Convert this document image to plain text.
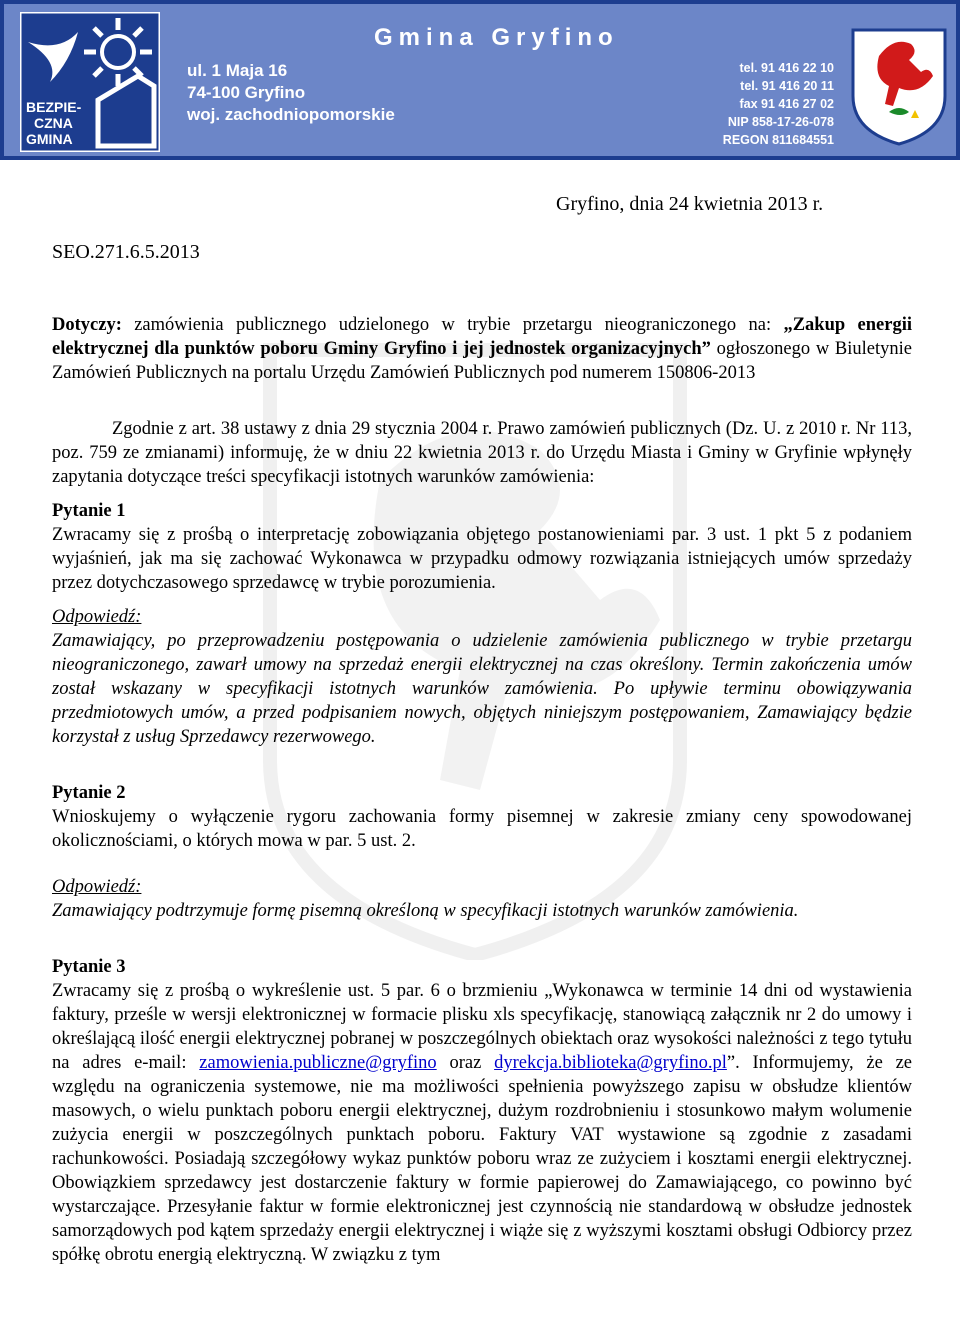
BEZPIE-
CZNA
GMINA
Gmina Gryfino
ul. 1 Maja 16
74-100 Gryfino
woj. zachodniopomorskie
tel. 91 416 22 10
tel. 91 416 20 11
fax 91 416 27 02
NIP 858-17-26-078
REGON 811684551
Gryfino, dnia 24 kwietnia 2013 r.
SEO.271.6.5.2013

Dotyczy: zamówienia publicznego udzielonego w trybie przetargu nieograniczonego na: „Zakup energii elektrycznej dla punktów poboru Gminy Gryfino i jej jednostek organizacyjnych” ogłoszonego w Biuletynie Zamówień Publicznych na portalu Urzędu Zamówień Publicznych pod numerem 150806-2013

Zgodnie z art. 38 ustawy z dnia 29 stycznia 2004 r. Prawo zamówień publicznych (Dz. U. z 2010 r. Nr 113, poz. 759 ze zmianami) informuję, że w dniu 22 kwietnia 2013 r. do Urzędu Miasta i Gminy w Gryfinie wpłynęły zapytania dotyczące treści specyfikacji istotnych warunków zamówienia:

Pytanie 1

Zwracamy się z prośbą o interpretację zobowiązania objętego postanowieniami par. 3 ust. 1 pkt 5 z podaniem wyjaśnień, jak ma się zachować Wykonawca w przypadku odmowy rozwiązania istniejących umów sprzedaży przez dotychczasowego sprzedawcę w trybie porozumienia.

Odpowiedź:

Zamawiający, po przeprowadzeniu postępowania o udzielenie zamówienia publicznego w trybie przetargu nieograniczonego, zawarł umowy na sprzedaż energii elektrycznej na czas określony. Termin zakończenia umów został wskazany w specyfikacji istotnych warunków zamówienia. Po upływie terminu obowiązywania przedmiotowych umów, a przed podpisaniem nowych, objętych niniejszym postępowaniem, Zamawiający będzie korzystał z usług Sprzedawcy rezerwowego.

Pytanie 2

Wnioskujemy o wyłączenie rygoru zachowania formy pisemnej w zakresie zmiany ceny spowodowanej okolicznościami, o których mowa w par. 5 ust. 2.

Odpowiedź:

Zamawiający podtrzymuje formę pisemną określoną w specyfikacji istotnych warunków zamówienia.

Pytanie 3

Zwracamy się z prośbą o wykreślenie ust. 5 par. 6 o brzmieniu „Wykonawca w terminie 14 dni od wystawienia faktury, prześle w wersji elektronicznej w formacie plisku xls specyfikację, stanowiącą załącznik nr 2 do umowy i określającą ilość energii elektrycznej pobranej w poszczególnych obiektach oraz wysokości należności z tego tytułu na adres e-mail: zamowienia.publiczne@gryfino oraz dyrekcja.biblioteka@gryfino.pl”. Informujemy, że ze względu na ograniczenia systemowe, nie ma możliwości spełnienia powyższego zapisu w obsłudze klientów masowych, o wielu punktach poboru energii elektrycznej, dużym rozdrobnieniu i stosunkowo małym wolumenie zużycia energii w poszczególnych punktach poboru. Faktury VAT wystawione są zgodnie z zasadami rachunkowości. Posiadają szczegółowy wykaz punktów poboru wraz ze zużyciem i kosztami energii elektrycznej. Obowiązkiem sprzedawcy jest dostarczenie faktury w formie papierowej do Zamawiającego, co powinno być wystarczające. Przesyłanie faktur w formie elektronicznej jest czynnością nie standardową w obsłudze jednostek samorządowych pod kątem sprzedaży energii elektrycznej i wiąże się z wyższymi kosztami obsługi Odbiorcy przez spółkę obrotu energią elektryczną. W związku z tym
